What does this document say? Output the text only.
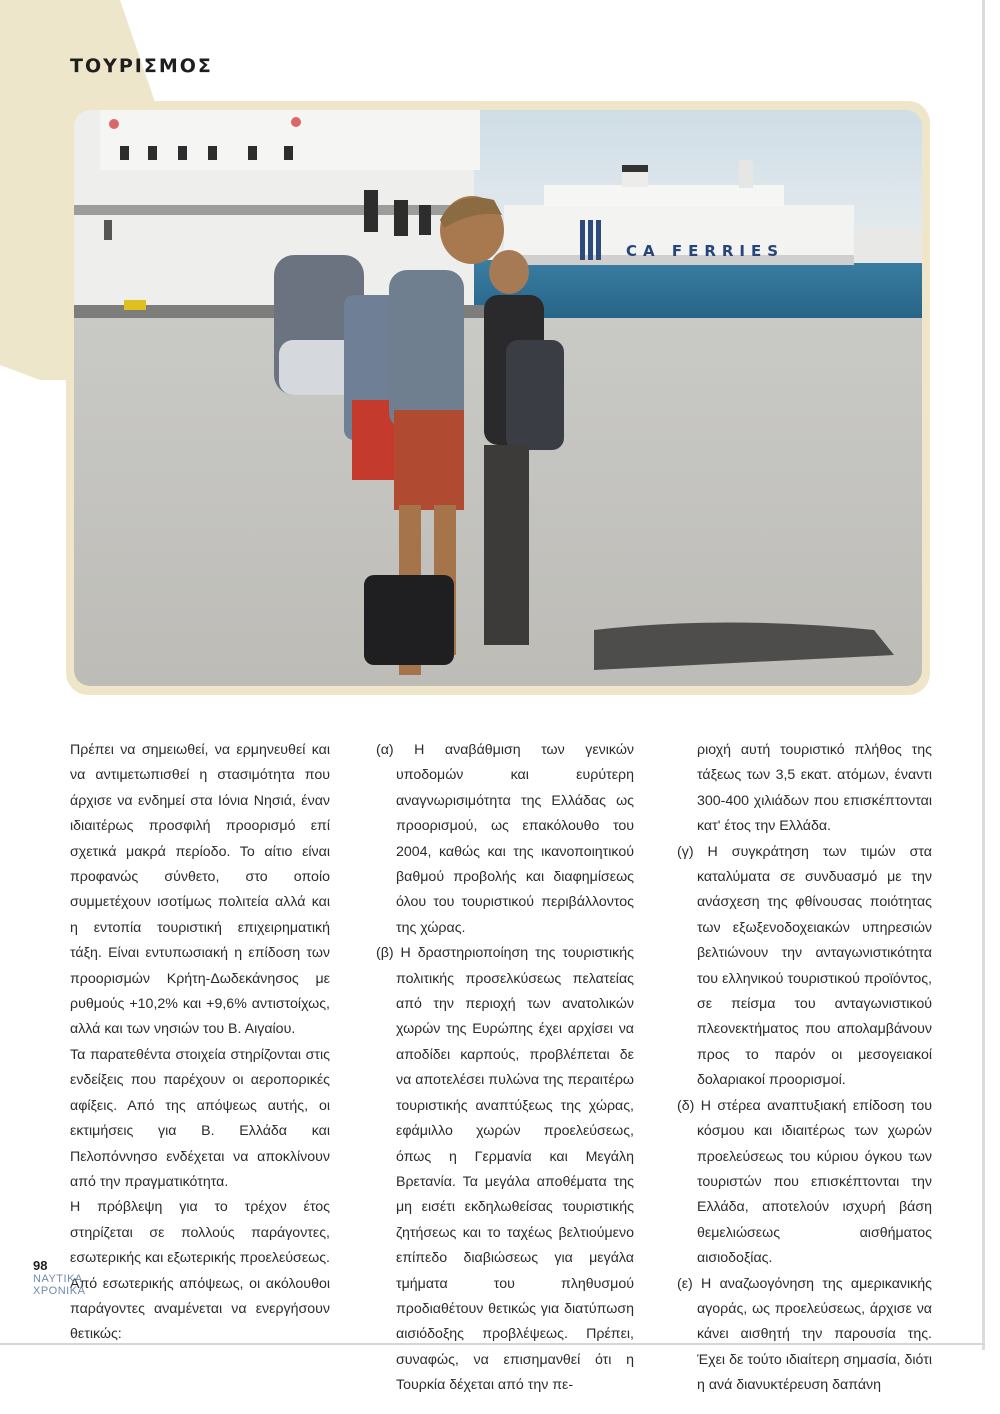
ΤΟΥΡΙΣΜΟΣ
CA FERRIES

Πρέπει να σημειωθεί, να ερμηνευθεί και να αντιμετωπισθεί η στασιμότητα που άρχισε να ενδημεί στα Ιόνια Νησιά, έναν ιδιαιτέρως προσφιλή προορισμό επί σχετικά μακρά περίοδο. Το αίτιο είναι προφανώς σύνθετο, στο οποίο συμμετέχουν ισοτίμως πολιτεία αλλά και η εντοπία τουριστική επιχειρηματική τάξη. Είναι εντυπωσιακή η επίδοση των προορισμών Κρήτη-Δωδεκάνησος με ρυθμούς +10,2% και +9,6% αντιστοίχως, αλλά και των νησιών του Β. Αιγαίου.

Τα παρατεθέντα στοιχεία στηρίζονται στις ενδείξεις που παρέχουν οι αεροπορικές αφίξεις. Από της απόψεως αυτής, οι εκτιμήσεις για Β. Ελλάδα και Πελοπόννησο ενδέχεται να αποκλίνουν από την πραγματικότητα.

Η πρόβλεψη για το τρέχον έτος στηρίζεται σε πολλούς παράγοντες, εσωτερικής και εξωτερικής προελεύσεως. Από εσωτερικής απόψεως, οι ακόλουθοι παράγοντες αναμένεται να ενεργήσουν θετικώς:

(α) Η αναβάθμιση των γενικών υποδομών και ευρύτερη αναγνωρισιμότητα της Ελλάδας ως προορισμού, ως επακόλουθο του 2004, καθώς και της ικανοποιητικού βαθμού προβολής και διαφημίσεως όλου του τουριστικού περιβάλλοντος της χώρας.

(β) Η δραστηριοποίηση της τουριστικής πολιτικής προσελκύσεως πελατείας από την περιοχή των ανατολικών χωρών της Ευρώπης έχει αρχίσει να αποδίδει καρπούς, προβλέπεται δε να αποτελέσει πυλώνα της περαιτέρω τουριστικής αναπτύξεως της χώρας, εφάμιλλο χωρών προελεύσεως, όπως η Γερμανία και Μεγάλη Βρετανία. Τα μεγάλα αποθέματα της μη εισέτι εκδηλωθείσας τουριστικής ζητήσεως και το ταχέως βελτιούμενο επίπεδο διαβιώσεως για μεγάλα τμήματα του πληθυσμού προδιαθέτουν θετικώς για διατύπωση αισιόδοξης προβλέψεως. Πρέπει, συναφώς, να επισημανθεί ότι η Τουρκία δέχεται από την πε-

ριοχή αυτή τουριστικό πλήθος της τάξεως των 3,5 εκατ. ατόμων, έναντι 300-400 χιλιάδων που επισκέπτονται κατ' έτος την Ελλάδα.

(γ) Η συγκράτηση των τιμών στα καταλύματα σε συνδυασμό με την ανάσχεση της φθίνουσας ποιότητας των εξωξενοδοχειακών υπηρεσιών βελτιώνουν την ανταγωνιστικότητα του ελληνικού τουριστικού προϊόντος, σε πείσμα του ανταγωνιστικού πλεονεκτήματος που απολαμβάνουν προς το παρόν οι μεσογειακοί δολαριακοί προορισμοί.

(δ) Η στέρεα αναπτυξιακή επίδοση του κόσμου και ιδιαιτέρως των χωρών προελεύσεως του κύριου όγκου των τουριστών που επισκέπτονται την Ελλάδα, αποτελούν ισχυρή βάση θεμελιώσεως αισθήματος αισιοδοξίας.

(ε) Η αναζωογόνηση της αμερικανικής αγοράς, ως προελεύσεως, άρχισε να κάνει αισθητή την παρουσία της. Έχει δε τούτο ιδιαίτερη σημασία, διότι η ανά διανυκτέρευση δαπάνη

98
ΝΑΥΤΙΚΑ
ΧΡΟΝΙΚΑ
